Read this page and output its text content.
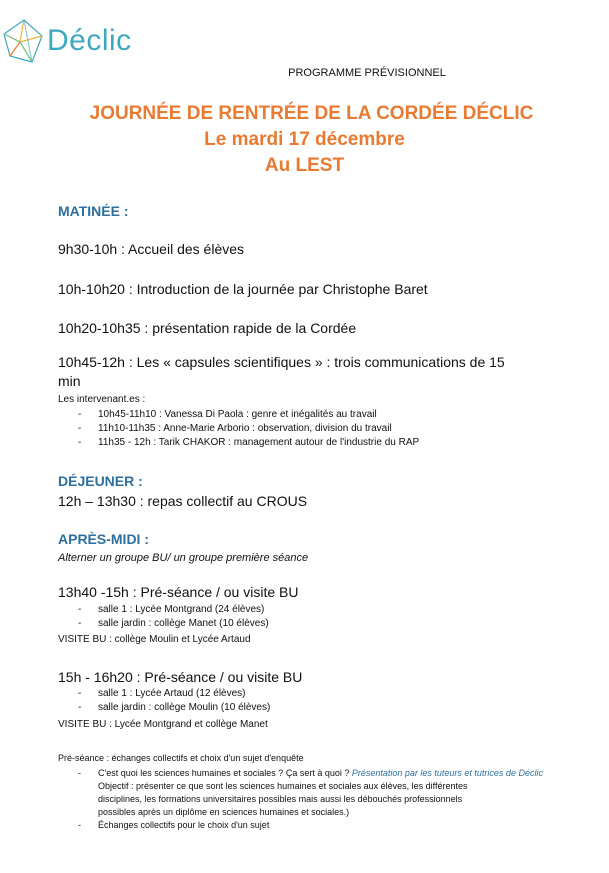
Déclic
PROGRAMME PRÉVISIONNEL
JOURNÉE DE RENTRÉE DE LA CORDÉE DÉCLIC
Le mardi 17 décembre
Au LEST
MATINÉE :
9h30-10h : Accueil des élèves
10h-10h20 : Introduction de la journée par Christophe Baret
10h20-10h35 : présentation rapide de la Cordée
10h45-12h : Les « capsules scientifiques » : trois communications de 15
min
Les intervenant.es :
- 10h45-11h10 : Vanessa Di Paola : genre et inégalités au travail
- 11h10-11h35 : Anne-Marie Arborio : observation, division du travail
- 11h35 - 12h : Tarik CHAKOR : management autour de l'industrie du RAP
DÉJEUNER :
12h – 13h30 : repas collectif au CROUS
APRÈS-MIDI :
Alterner un groupe BU/ un groupe première séance
13h40 -15h : Pré-séance / ou visite BU
- salle 1 : Lycée Montgrand (24 élèves)
- salle jardin : collège Manet (10 élèves)
VISITE BU : collège Moulin et Lycée Artaud
15h - 16h20 : Pré-séance / ou visite BU
- salle 1 : Lycée Artaud (12 élèves)
- salle jardin : collège Moulin (10 élèves)
VISITE BU : Lycée Montgrand et collège Manet
Pré-séance : échanges collectifs et choix d'un sujet d'enquête
- C'est quoi les sciences humaines et sociales ? Ça sert à quoi ? Présentation par les tuteurs et tutrices de Déclic
Objectif : présenter ce que sont les sciences humaines et sociales aux élèves, les différentes
disciplines, les formations universitaires possibles mais aussi les débouchés professionnels
possibles après un diplôme en sciences humaines et sociales.)
- Échanges collectifs pour le choix d'un sujet
